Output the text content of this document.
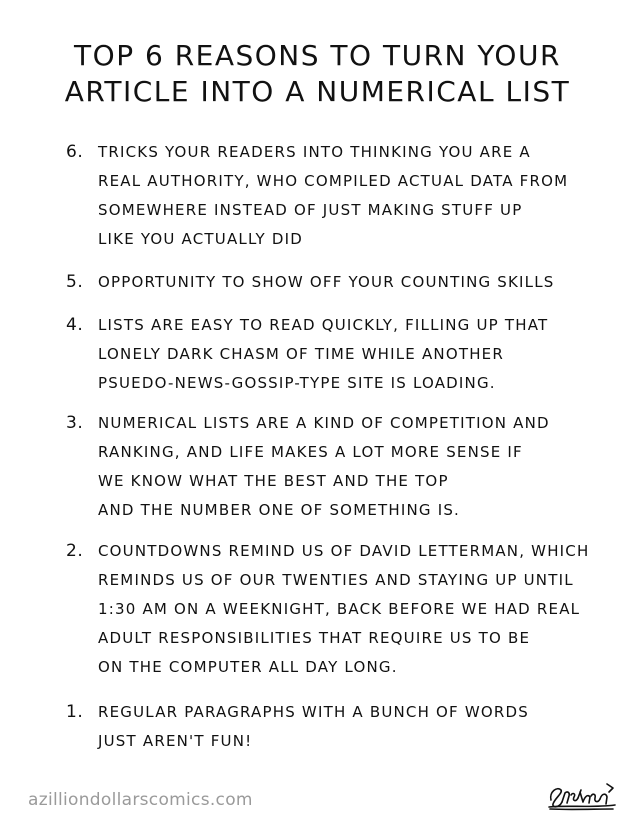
TOP 6 REASONS TO TURN YOUR
ARTICLE INTO A NUMERICAL LIST
6. TRICKS YOUR READERS INTO THINKING YOU ARE A
REAL AUTHORITY, WHO COMPILED ACTUAL DATA FROM
SOMEWHERE INSTEAD OF JUST MAKING STUFF UP
LIKE YOU ACTUALLY DID
5. OPPORTUNITY TO SHOW OFF YOUR COUNTING SKILLS
4. LISTS ARE EASY TO READ QUICKLY, FILLING UP THAT
LONELY DARK CHASM OF TIME WHILE ANOTHER
PSUEDO-NEWS-GOSSIP-TYPE SITE IS LOADING.
3. NUMERICAL LISTS ARE A KIND OF COMPETITION AND
RANKING, AND LIFE MAKES A LOT MORE SENSE IF
WE KNOW WHAT THE BEST AND THE TOP
AND THE NUMBER ONE OF SOMETHING IS.
2. COUNTDOWNS REMIND US OF DAVID LETTERMAN, WHICH
REMINDS US OF OUR TWENTIES AND STAYING UP UNTIL
1:30 AM ON A WEEKNIGHT, BACK BEFORE WE HAD REAL
ADULT RESPONSIBILITIES THAT REQUIRE US TO BE
ON THE COMPUTER ALL DAY LONG.
1. REGULAR PARAGRAPHS WITH A BUNCH OF WORDS
JUST AREN'T FUN!
azilliondollarscomics.com
